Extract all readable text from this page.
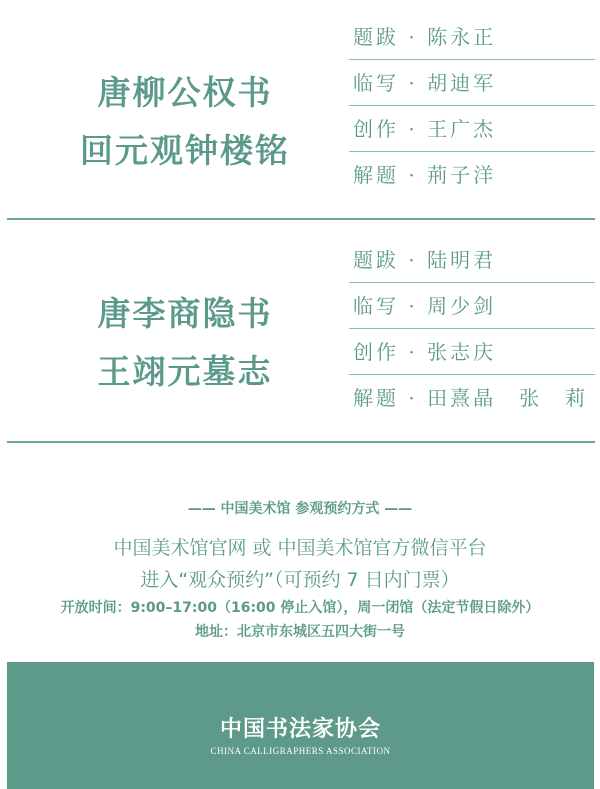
唐柳公权书
回元观钟楼铭
题跋 · 陈永正
临写 · 胡迪军
创作 · 王广杰
解题 · 荊子洋
唐李商隐书
王翊元墓志
题跋 · 陆明君
临写 · 周少剑
创作 · 张志庆
解题 · 田熹晶　张　莉
—— 中国美术馆 参观预约方式 ——
中国美术馆官网 或 中国美术馆官方微信平台
进入“观众预约”（可预约 7 日内门票）
开放时间：9:00–17:00（16:00 停止入馆），周一闭馆（法定节假日除外）
地址：北京市东城区五四大街一号
中国书法家协会
CHINA CALLIGRAPHERS ASSOCIATION
